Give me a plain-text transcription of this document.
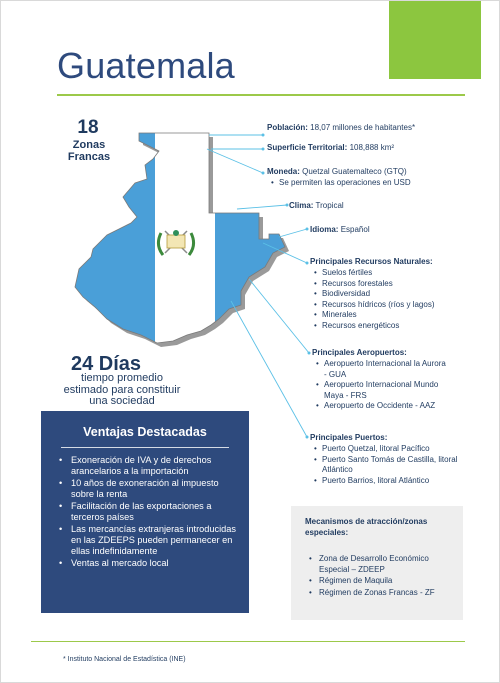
Guatemala
18
Zonas
Francas
Población: 18,07 millones de habitantes*
Superficie Territorial: 108,888 km²
Moneda: Quetzal Guatemalteco (GTQ)
• Se permiten las operaciones en USD
Clima: Tropical
Idioma: Español
Principales Recursos Naturales:
• Suelos fértiles
• Recursos forestales
• Biodiversidad
• Recursos hídricos (ríos y lagos)
• Minerales
• Recursos energéticos
Principales Aeropuertos:
• Aeropuerto Internacional la Aurora - GUA
• Aeropuerto Internacional Mundo Maya - FRS
• Aeropuerto de Occidente - AAZ
Principales Puertos:
• Puerto Quetzal, litoral Pacífico
• Puerto Santo Tomás de Castilla, litoral Atlántico
• Puerto Barrios, litoral Atlántico
24 Días
tiempo promedio
estimado para constituir
una sociedad
Ventajas Destacadas
• Exoneración de IVA y de derechos arancelarios a la importación
• 10 años de exoneración al impuesto sobre la renta
• Facilitación de las exportaciones a terceros países
• Las mercancías extranjeras introducidas en las ZDEEPS pueden permanecer en ellas indefinidamente
• Ventas al mercado local
Mecanismos de atracción/zonas especiales:
• Zona de Desarrollo Económico Especial – ZDEEP
• Régimen de Maquila
• Régimen de Zonas Francas - ZF
* Instituto Nacional de Estadística (INE)
